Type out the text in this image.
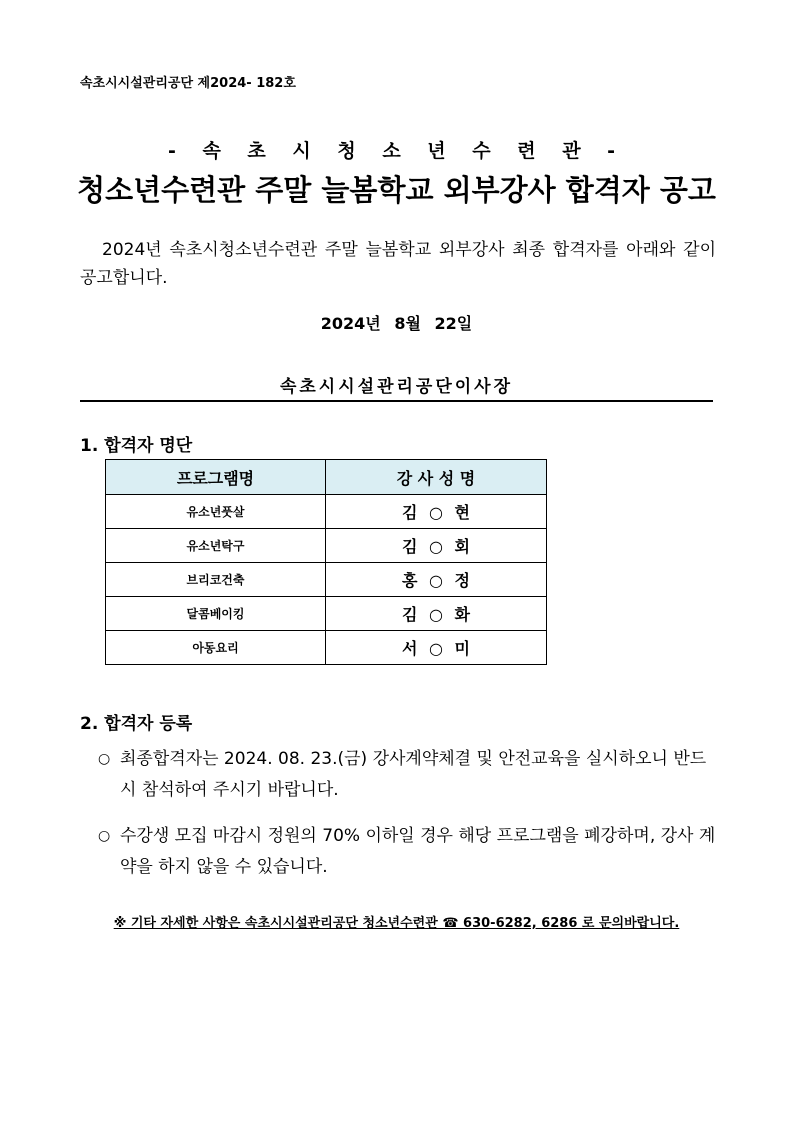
속초시시설관리공단 제2024- 182호
- 속 초 시 청 소 년 수 련 관 -
청소년수련관 주말 늘봄학교 외부강사 합격자 공고
2024년 속초시청소년수련관 주말 늘봄학교 외부강사 최종 합격자를 아래와 같이 공고합니다.
2024년 8월 22일
속초시시설관리공단이사장
1. 합격자 명단
프로그램명	강 사 성 명
유소년풋살	김 ○ 현
유소년탁구	김 ○ 회
브리코건축	홍 ○ 정
달콤베이킹	김 ○ 화
아동요리	서 ○ 미
2. 합격자 등록
○ 최종합격자는 2024. 08. 23.(금) 강사계약체결 및 안전교육을 실시하오니 반드시 참석하여 주시기 바랍니다.
○ 수강생 모집 마감시 정원의 70% 이하일 경우 해당 프로그램을 폐강하며, 강사 계약을 하지 않을 수 있습니다.
※ 기타 자세한 사항은 속초시시설관리공단 청소년수련관 ☎ 630-6282, 6286 로 문의바랍니다.
